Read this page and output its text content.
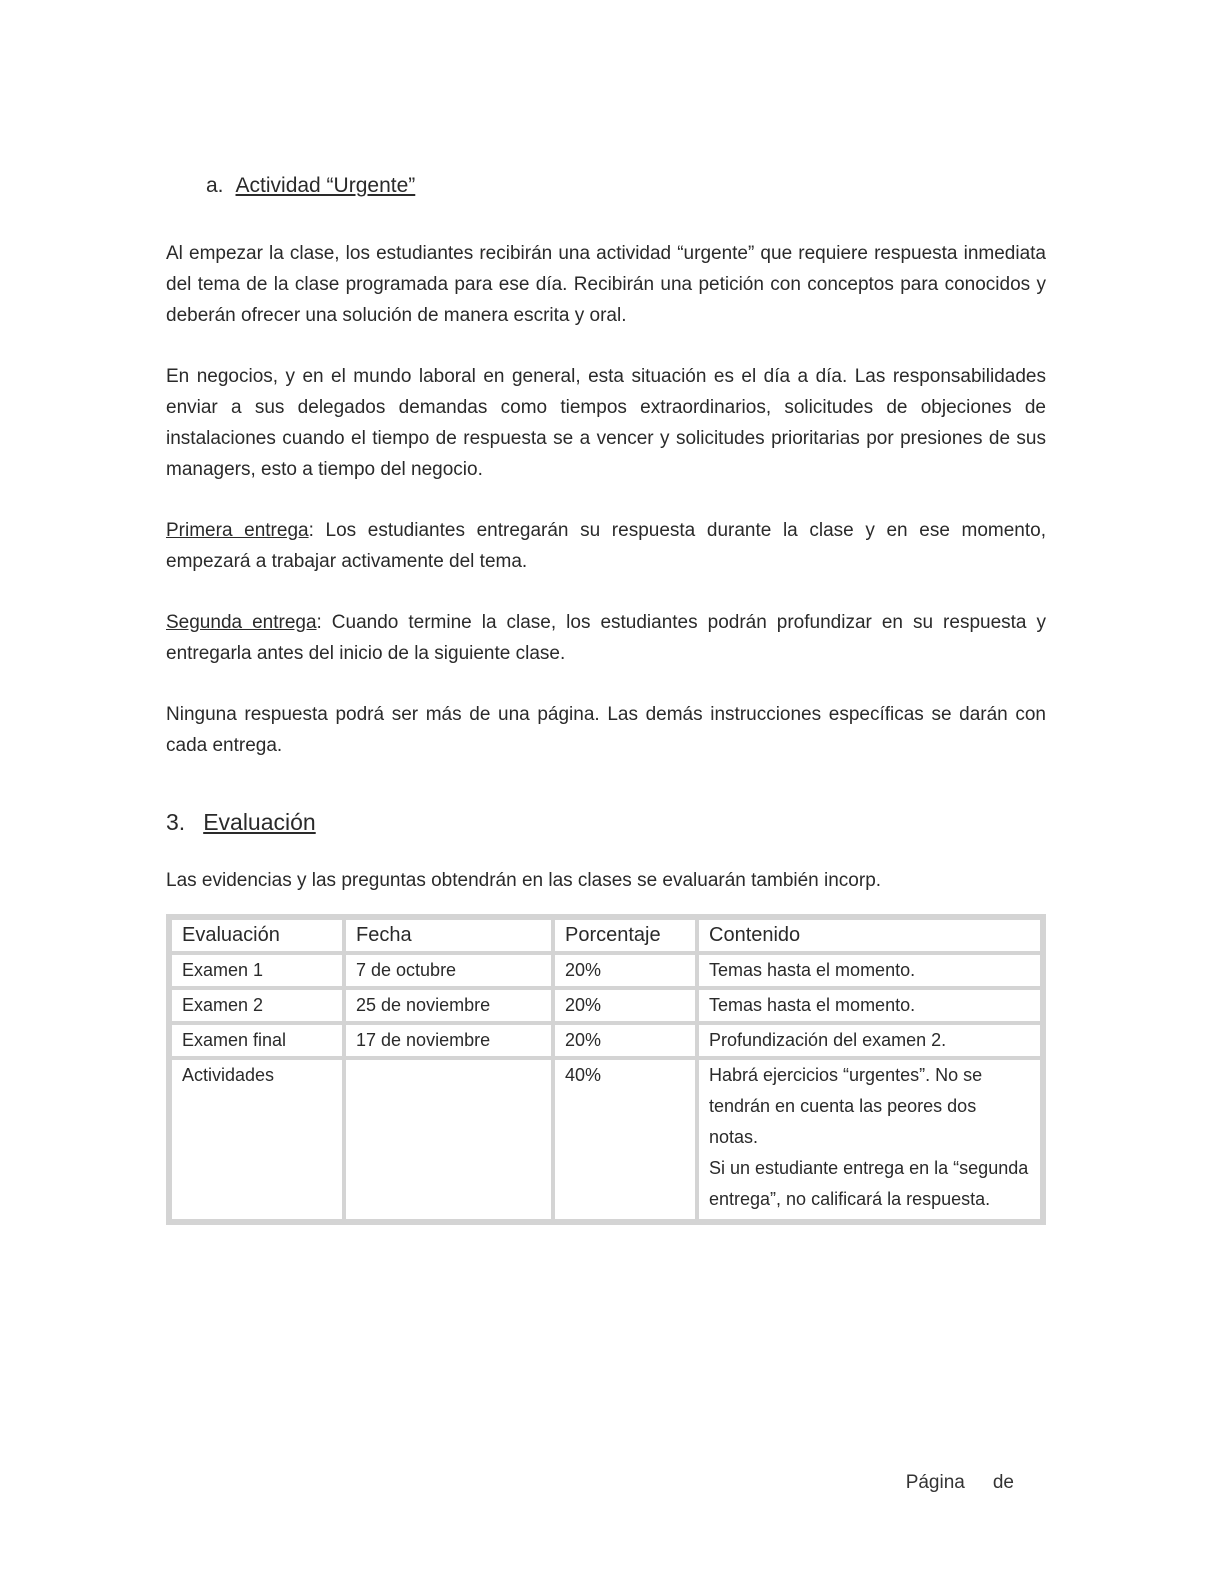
a. Actividad “Urgente”

Al empezar la clase, los estudiantes recibirán una actividad “urgente” que requiere respuesta inmediata del tema de la clase programada para ese día. Recibirán una petición con conceptos para conocidos y deberán ofrecer una solución de manera escrita y oral.

En negocios, y en el mundo laboral en general, esta situación es el día a día. Las responsabilidades enviar a sus delegados demandas como tiempos extraordinarios, solicitudes de objeciones de instalaciones cuando el tiempo de respuesta se a vencer y solicitudes prioritarias por presiones de sus managers, esto a tiempo del negocio.

Primera entrega: Los estudiantes entregarán su respuesta durante la clase y en ese momento, empezará a trabajar activamente del tema.

Segunda entrega: Cuando termine la clase, los estudiantes podrán profundizar en su respuesta y entregarla antes del inicio de la siguiente clase.

Ninguna respuesta podrá ser más de una página. Las demás instrucciones específicas se darán con cada entrega.

3. Evaluación

Las evidencias y las preguntas obtendrán en las clases se evaluarán también incorp.

Evaluación	Fecha	Porcentaje	Contenido
Examen 1	7 de octubre	20%	Temas hasta el momento.
Examen 2	25 de noviembre	20%	Temas hasta el momento.
Examen final	17 de noviembre	20%	Profundización del examen 2.
Actividades		40%	Habrá ejercicios “urgentes”. No se tendrán en cuenta las peores dos notas.
Si un estudiante entrega en la “segunda entrega”, no calificará la respuesta.
Página de
